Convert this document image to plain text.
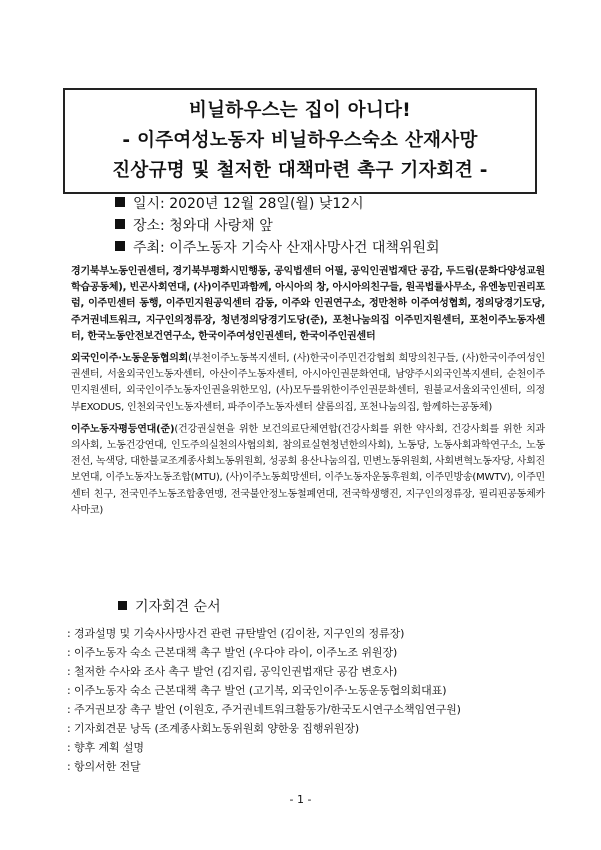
비닐하우스는 집이 아니다!
- 이주여성노동자 비닐하우스숙소 산재사망
진상규명 및 철저한 대책마련 촉구 기자회견 -
일시: 2020년 12월 28일(월) 낮12시
장소: 청와대 사랑채 앞
주최: 이주노동자 기숙사 산재사망사건 대책위원회

경기북부노동인권센터, 경기북부평화시민행동, 공익법센터 어필, 공익인권법재단 공감, 두드림(문화다양성교원학습공동체), 빈곤사회연대, (사)이주민과함께, 아시아의 창, 아시아의친구들, 원곡법률사무소, 유엔농민권리포럼, 이주민센터 동행, 이주민지원공익센터 감동, 이주와 인권연구소, 정만천하 이주여성협회, 정의당경기도당, 주거권네트워크, 지구인의정류장, 청년정의당경기도당(준), 포천나눔의집 이주민지원센터, 포천이주노동자센터, 한국노동안전보건연구소, 한국이주여성인권센터, 한국이주인권센터

외국인이주·노동운동협의회(부천이주노동복지센터, (사)한국이주민건강협회 희망의친구들, (사)한국이주여성인권센터, 서울외국인노동자센터, 아산이주노동자센터, 아시아인권문화연대, 남양주시외국인복지센터, 순천이주민지원센터, 외국인이주노동자인권을위한모임, (사)모두를위한이주인권문화센터, 원불교서울외국인센터, 의정부EXODUS, 인천외국인노동자센터, 파주이주노동자센터 샬롬의집, 포천나눔의집, 함께하는공동체)

이주노동자평등연대(준)(건강권실현을 위한 보건의료단체연합(건강사회를 위한 약사회, 건강사회를 위한 치과의사회, 노동건강연대, 인도주의실천의사협의회, 참의료실현청년한의사회), 노동당, 노동사회과학연구소, 노동전선, 녹색당, 대한불교조계종사회노동위원회, 성공회 용산나눔의집, 민변노동위원회, 사회변혁노동자당, 사회진보연대, 이주노동자노동조합(MTU), (사)이주노동희망센터, 이주노동자운동후원회, 이주민방송(MWTV), 이주민센터 친구, 전국민주노동조합총연맹, 전국불안정노동철폐연대, 전국학생행진, 지구인의정류장, 필리핀공동체카사마코)

기자회견 순서
: 경과설명 및 기숙사사망사건 관련 규탄발언 (김이찬, 지구인의 정류장)
: 이주노동자 숙소 근본대책 촉구 발언 (우다야 라이, 이주노조 위원장)
: 철저한 수사와 조사 촉구 발언 (김지림, 공익인권법재단 공감 변호사)
: 이주노동자 숙소 근본대책 촉구 발언 (고기복, 외국인이주·노동운동협의회대표)
: 주거권보장 촉구 발언 (이원호, 주거권네트워크활동가/한국도시연구소책임연구원)
: 기자회견문 낭독 (조계종사회노동위원회 양한웅 집행위원장)
: 향후 계획 설명
: 항의서한 전달
- 1 -
